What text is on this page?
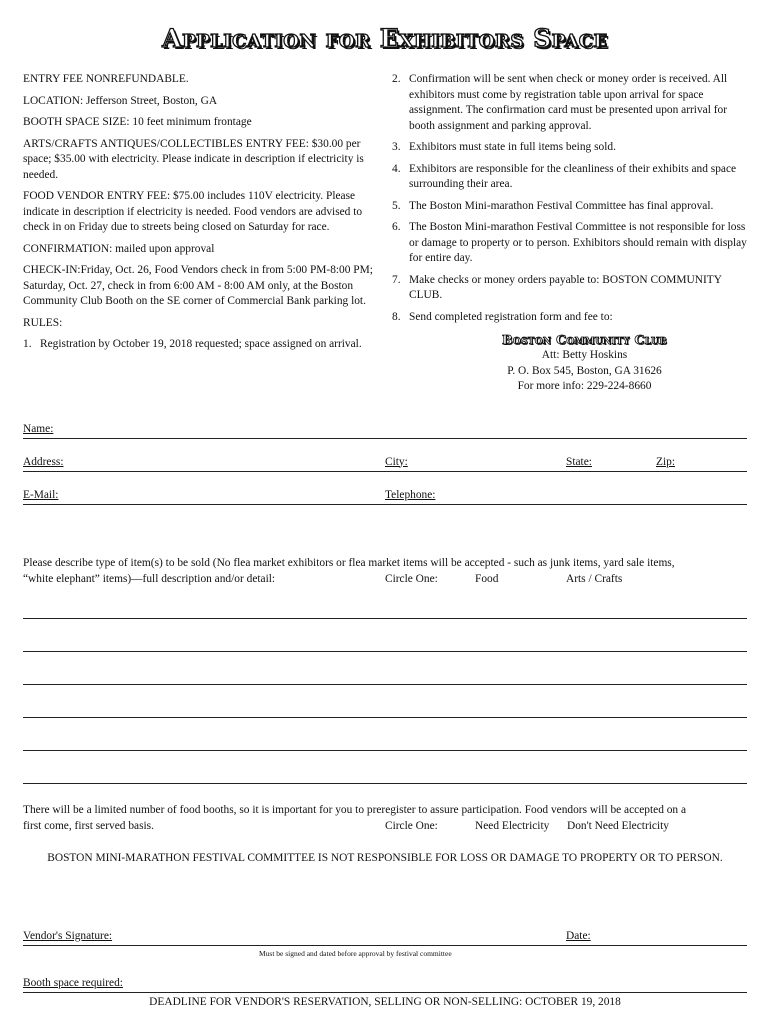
Application for Exhibitors Space

ENTRY FEE NONREFUNDABLE.

LOCATION: Jefferson Street, Boston, GA

BOOTH SPACE SIZE: 10 feet minimum frontage

ARTS/CRAFTS ANTIQUES/COLLECTIBLES ENTRY FEE: $30.00 per space; $35.00 with electricity. Please indicate in description if electricity is needed.

FOOD VENDOR ENTRY FEE: $75.00 includes 110V electricity. Please indicate in description if electricity is needed. Food vendors are advised to check in on Friday due to streets being closed on Saturday for race.

CONFIRMATION: mailed upon approval

CHECK-IN:Friday, Oct. 26, Food Vendors check in from 5:00 PM-8:00 PM; Saturday, Oct. 27, check in from 6:00 AM - 8:00 AM only, at the Boston Community Club Booth on the SE corner of Commercial Bank parking lot.

RULES:

1. Registration by October 19, 2018 requested; space assigned on arrival.
2. Confirmation will be sent when check or money order is received. All exhibitors must come by registration table upon arrival for space assignment. The confirmation card must be presented upon arrival for booth assignment and parking approval.
3. Exhibitors must state in full items being sold.
4. Exhibitors are responsible for the cleanliness of their exhibits and space surrounding their area.
5. The Boston Mini-marathon Festival Committee has final approval.
6. The Boston Mini-marathon Festival Committee is not responsible for loss or damage to property or to person. Exhibitors should remain with display for entire day.
7. Make checks or money orders payable to: BOSTON COMMUNITY CLUB.
8. Send completed registration form and fee to:
Boston Community Club
Att: Betty Hoskins
P. O. Box 545, Boston, GA 31626
For more info: 229-224-8660
Name:
Address:	City:	State:	Zip:
E-Mail:	Telephone:
Please describe type of item(s) to be sold (No flea market exhibitors or flea market items will be accepted - such as junk items, yard sale items,
“white elephant” items)—full description and/or detail:	Circle One:	Food	Arts / Crafts
There will be a limited number of food booths, so it is important for you to preregister to assure participation. Food vendors will be accepted on a
first come, first served basis.	Circle One:	Need Electricity Don't Need Electricity
BOSTON MINI-MARATHON FESTIVAL COMMITTEE IS NOT RESPONSIBLE FOR LOSS OR DAMAGE TO PROPERTY OR TO PERSON.
Vendor's Signature:	Date:
Must be signed and dated before approval by festival committee
Booth space required:
DEADLINE FOR VENDOR'S RESERVATION, SELLING OR NON-SELLING: OCTOBER 19, 2018
